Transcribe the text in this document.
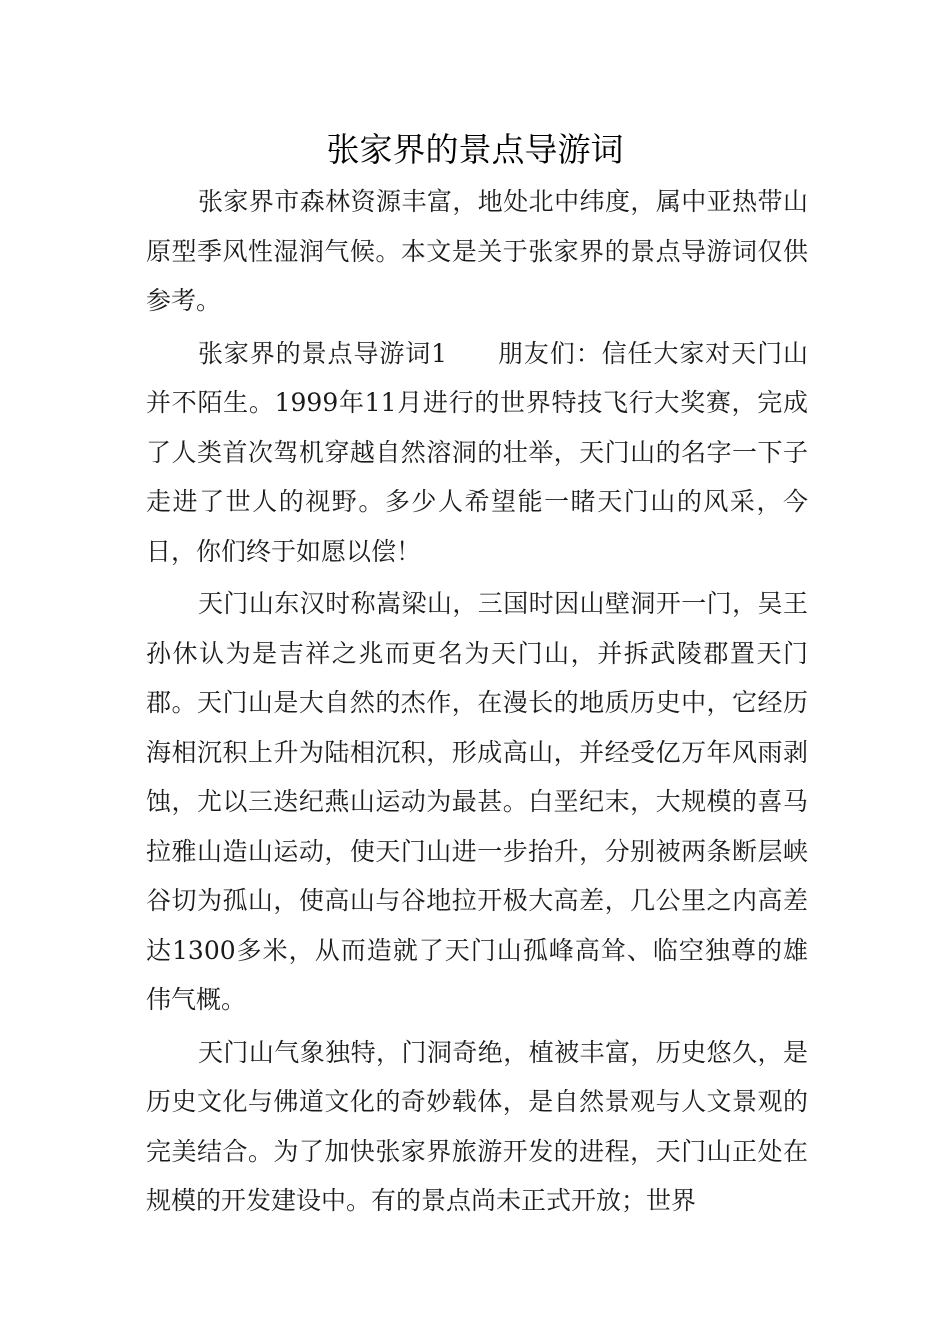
张家界的景点导游词

张家界市森林资源丰富，地处北中纬度，属中亚热带山原型季风性湿润气候。本文是关于张家界的景点导游词仅供参考。

张家界的景点导游词1 朋友们：信任大家对天门山并不陌生。1999年11月进行的世界特技飞行大奖赛，完成了人类首次驾机穿越自然溶洞的壮举，天门山的名字一下子走进了世人的视野。多少人希望能一睹天门山的风采，今日，你们终于如愿以偿！

天门山东汉时称嵩梁山，三国时因山壁洞开一门，吴王孙休认为是吉祥之兆而更名为天门山，并拆武陵郡置天门郡。天门山是大自然的杰作，在漫长的地质历史中，它经历海相沉积上升为陆相沉积，形成高山，并经受亿万年风雨剥蚀，尤以三迭纪燕山运动为最甚。白垩纪末，大规模的喜马拉雅山造山运动，使天门山进一步抬升，分别被两条断层峡谷切为孤山，使高山与谷地拉开极大高差，几公里之内高差达1300多米，从而造就了天门山孤峰高耸、临空独尊的雄伟气概。

天门山气象独特，门洞奇绝，植被丰富，历史悠久，是历史文化与佛道文化的奇妙载体，是自然景观与人文景观的完美结合。为了加快张家界旅游开发的进程，天门山正处在规模的开发建设中。有的景点尚未正式开放；世界
